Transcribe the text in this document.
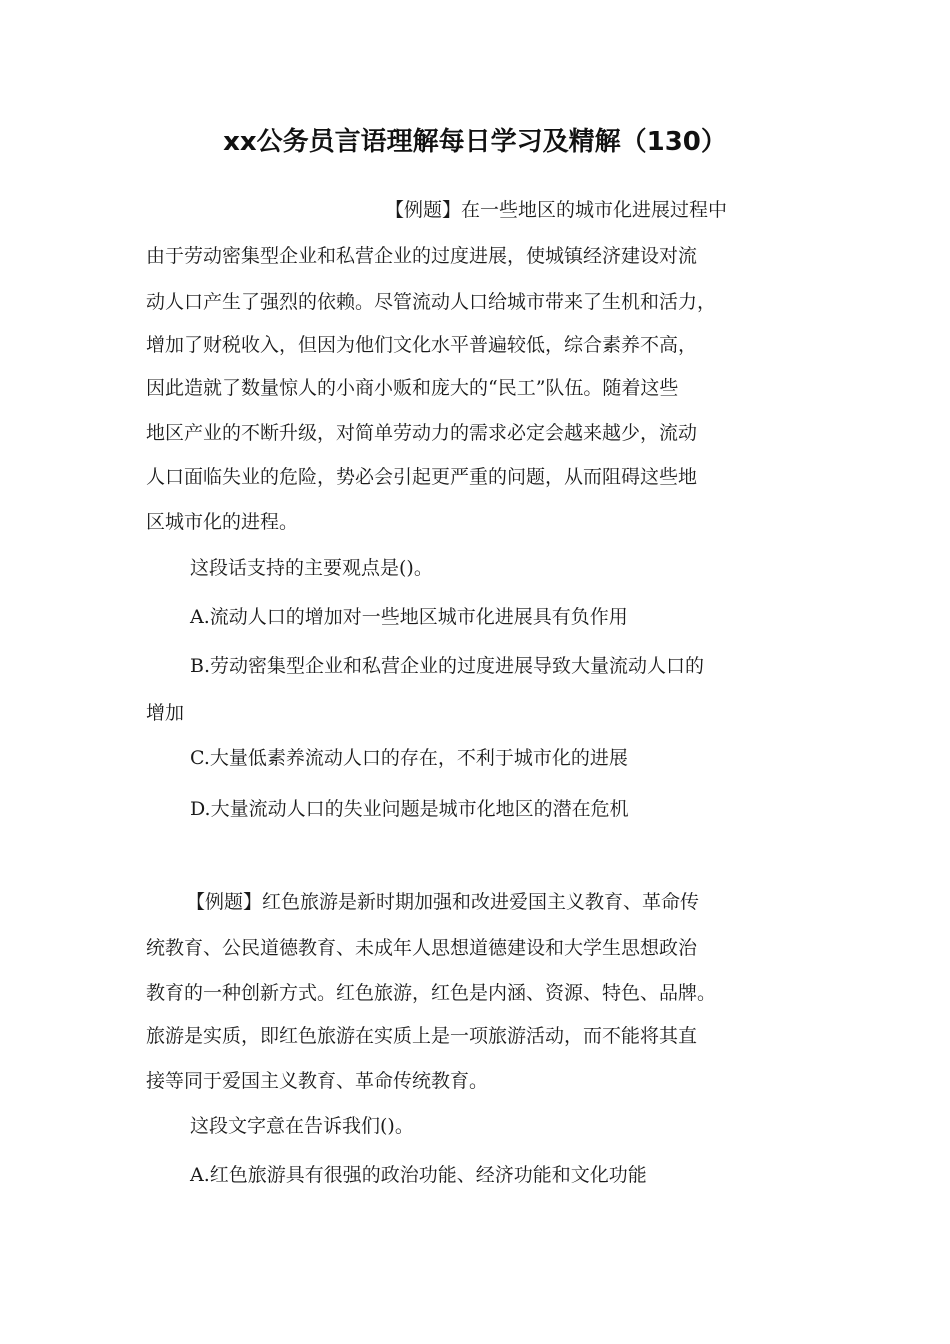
xx公务员言语理解每日学习及精解（130）
【例题】在一些地区的城市化进展过程中
由于劳动密集型企业和私营企业的过度进展，使城镇经济建设对流
动人口产生了强烈的依赖。尽管流动人口给城市带来了生机和活力，
增加了财税收入，但因为他们文化水平普遍较低，综合素养不高，
因此造就了数量惊人的小商小贩和庞大的“民工”队伍。随着这些
地区产业的不断升级，对简单劳动力的需求必定会越来越少，流动
人口面临失业的危险，势必会引起更严重的问题，从而阻碍这些地
区城市化的进程。
这段话支持的主要观点是()。
A.流动人口的增加对一些地区城市化进展具有负作用
B.劳动密集型企业和私营企业的过度进展导致大量流动人口的
增加
C.大量低素养流动人口的存在，不利于城市化的进展
D.大量流动人口的失业问题是城市化地区的潜在危机
【例题】红色旅游是新时期加强和改进爱国主义教育、革命传
统教育、公民道德教育、未成年人思想道德建设和大学生思想政治
教育的一种创新方式。红色旅游，红色是内涵、资源、特色、品牌。
旅游是实质，即红色旅游在实质上是一项旅游活动，而不能将其直
接等同于爱国主义教育、革命传统教育。
这段文字意在告诉我们()。
A.红色旅游具有很强的政治功能、经济功能和文化功能
